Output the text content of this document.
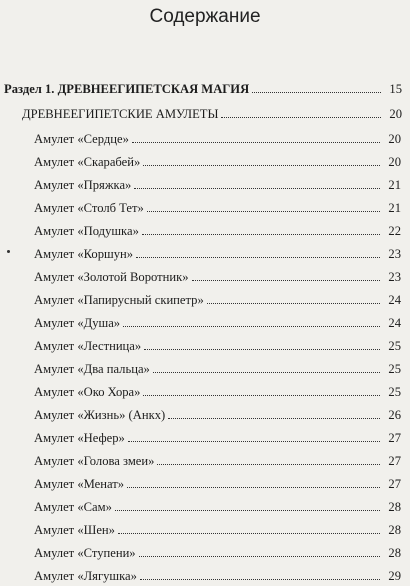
Содержание
Раздел 1. ДРЕВНЕЕГИПЕТСКАЯ МАГИЯ	15
ДРЕВНЕЕГИПЕТСКИЕ АМУЛЕТЫ	20
Амулет «Сердце»	20
Амулет «Скарабей»	20
Амулет «Пряжка»	21
Амулет «Столб Тет»	21
Амулет «Подушка»	22
Амулет «Коршун»	23
Амулет «Золотой Воротник»	23
Амулет «Папирусный скипетр»	24
Амулет «Душа»	24
Амулет «Лестница»	25
Амулет «Два пальца»	25
Амулет «Око Хора»	25
Амулет «Жизнь» (Анкх)	26
Амулет «Нефер»	27
Амулет «Голова змеи»	27
Амулет «Менат»	27
Амулет «Сам»	28
Амулет «Шен»	28
Амулет «Ступени»	28
Амулет «Лягушка»	29
